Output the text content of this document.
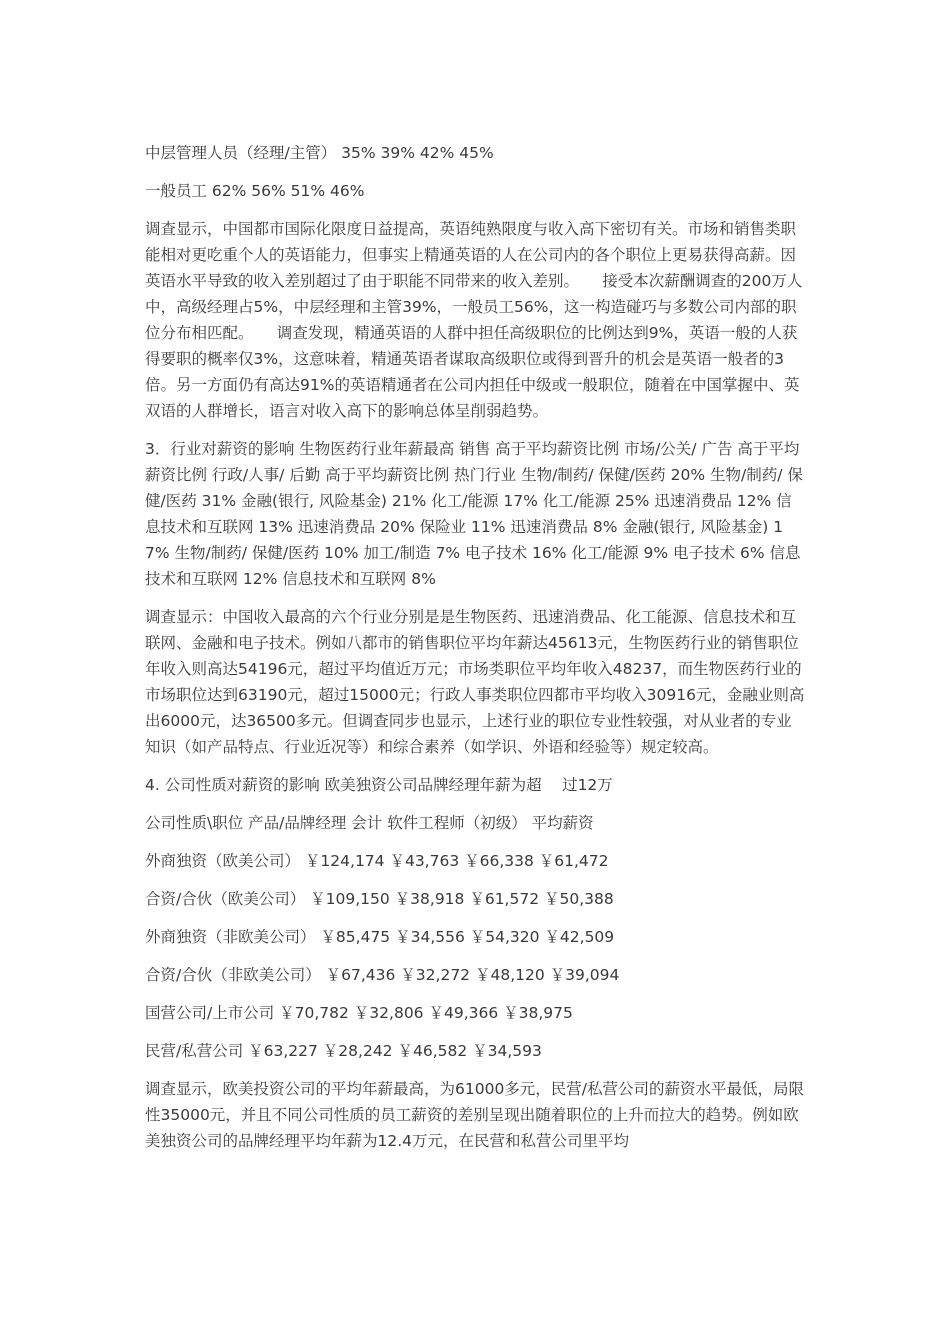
中层管理人员（经理/主管） 35% 39% 42% 45%

一般员工 62% 56% 51% 46%

调查显示，中国都市国际化限度日益提高，英语纯熟限度与收入高下密切有关。市场和销售类职能相对更吃重个人的英语能力，但事实上精通英语的人在公司内的各个职位上更易获得高薪。因英语水平导致的收入差别超过了由于职能不同带来的收入差别。　　接受本次薪酬调查的200万人中，高级经理占5%，中层经理和主管39%，一般员工56%，这一构造碰巧与多数公司内部的职位分布相匹配。　　调查发现，精通英语的人群中担任高级职位的比例达到9%，英语一般的人获得要职的概率仅3%，这意味着，精通英语者谋取高级职位或得到晋升的机会是英语一般者的3倍。另一方面仍有高达91%的英语精通者在公司内担任中级或一般职位，随着在中国掌握中、英双语的人群增长，语言对收入高下的影响总体呈削弱趋势。

3．行业对薪资的影响 生物医药行业年薪最高 销售 高于平均薪资比例 市场/公关/ 广告 高于平均薪资比例 行政/人事/ 后勤 高于平均薪资比例 热门行业 生物/制药/ 保健/医药 20% 生物/制药/ 保健/医药 31% 金融(银行, 风险基金) 21% 化工/能源 17% 化工/能源 25% 迅速消费品 12% 信息技术和互联网 13% 迅速消费品 20% 保险业 11% 迅速消费品 8% 金融(银行, 风险基金) 17% 生物/制药/ 保健/医药 10% 加工/制造 7% 电子技术 16% 化工/能源 9% 电子技术 6% 信息技术和互联网 12% 信息技术和互联网 8%

调查显示：中国收入最高的六个行业分别是是生物医药、迅速消费品、化工能源、信息技术和互联网、金融和电子技术。例如八都市的销售职位平均年薪达45613元，生物医药行业的销售职位年收入则高达54196元，超过平均值近万元；市场类职位平均年收入48237，而生物医药行业的市场职位达到63190元，超过15000元；行政人事类职位四都市平均收入30916元，金融业则高出6000元，达36500多元。但调查同步也显示，上述行业的职位专业性较强，对从业者的专业知识（如产品特点、行业近况等）和综合素养（如学识、外语和经验等）规定较高。

4. 公司性质对薪资的影响 欧美独资公司品牌经理年薪为超　 过12万

公司性质\职位 产品/品牌经理 会计 软件工程师（初级） 平均薪资

外商独资（欧美公司） ￥124,174 ￥43,763 ￥66,338 ￥61,472

合资/合伙（欧美公司） ￥109,150 ￥38,918 ￥61,572 ￥50,388

外商独资（非欧美公司） ￥85,475 ￥34,556 ￥54,320 ￥42,509

合资/合伙（非欧美公司） ￥67,436 ￥32,272 ￥48,120 ￥39,094

国营公司/上市公司 ￥70,782 ￥32,806 ￥49,366 ￥38,975

民营/私营公司 ￥63,227 ￥28,242 ￥46,582 ￥34,593

调查显示，欧美投资公司的平均年薪最高，为61000多元，民营/私营公司的薪资水平最低，局限性35000元，并且不同公司性质的员工薪资的差别呈现出随着职位的上升而拉大的趋势。例如欧美独资公司的品牌经理平均年薪为12.4万元，在民营和私营公司里平均
